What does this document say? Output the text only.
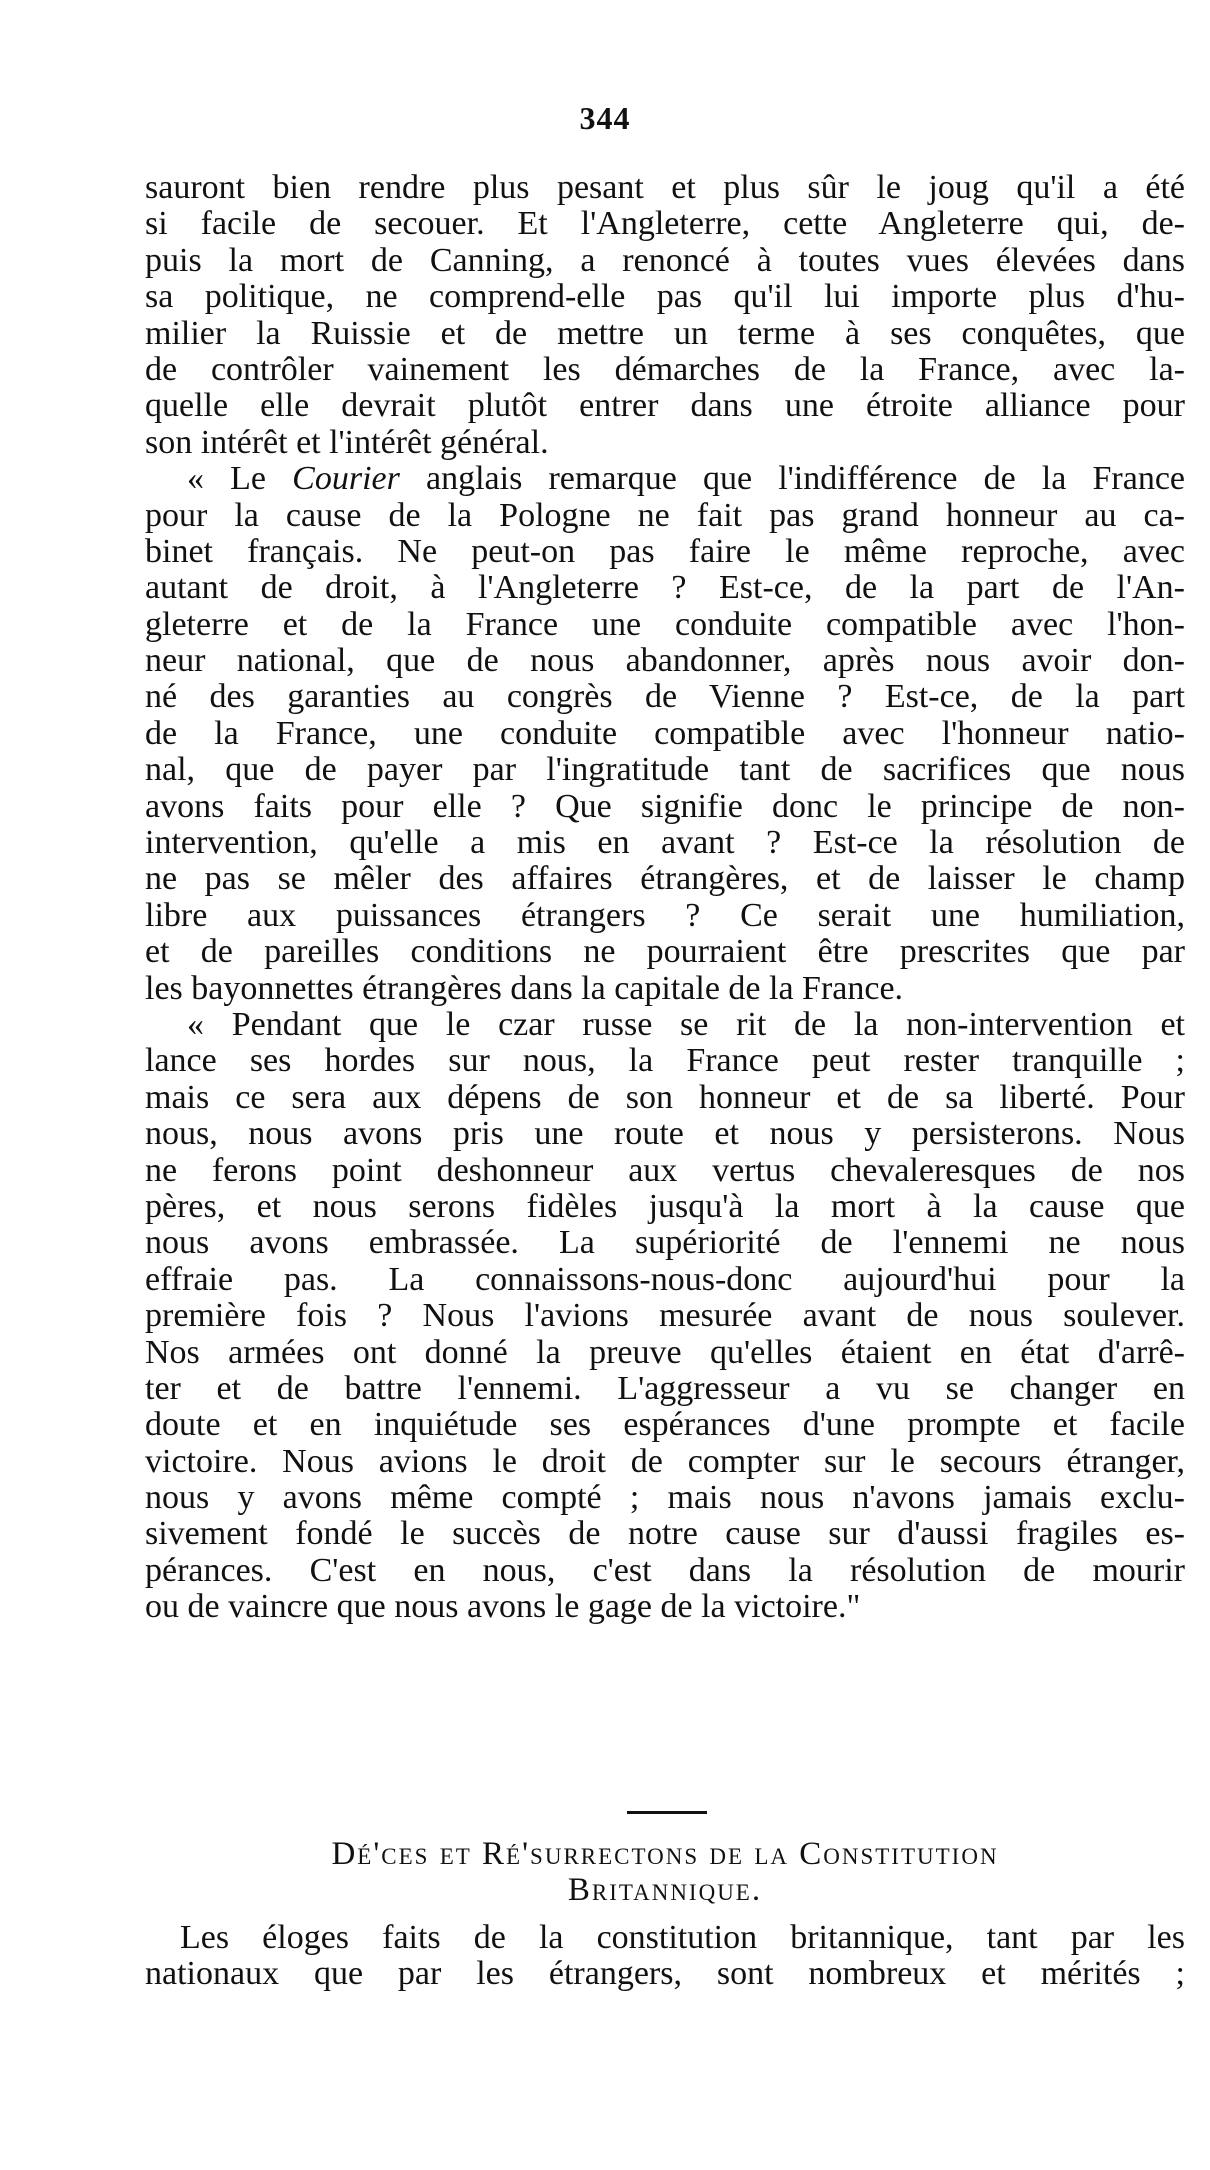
344
sauront bien rendre plus pesant et plus sûr le joug qu'il a été
si facile de secouer. Et l'Angleterre, cette Angleterre qui, de-
puis la mort de Canning, a renoncé à toutes vues élevées dans
sa politique, ne comprend-elle pas qu'il lui importe plus d'hu-
milier la Ruissie et de mettre un terme à ses conquêtes, que
de contrôler vainement les démarches de la France, avec la-
quelle elle devrait plutôt entrer dans une étroite alliance pour
son intérêt et l'intérêt général.
« Le Courier anglais remarque que l'indifférence de la France
pour la cause de la Pologne ne fait pas grand honneur au ca-
binet français. Ne peut-on pas faire le même reproche, avec
autant de droit, à l'Angleterre ? Est-ce, de la part de l'An-
gleterre et de la France une conduite compatible avec l'hon-
neur national, que de nous abandonner, après nous avoir don-
né des garanties au congrès de Vienne ? Est-ce, de la part
de la France, une conduite compatible avec l'honneur natio-
nal, que de payer par l'ingratitude tant de sacrifices que nous
avons faits pour elle ? Que signifie donc le principe de non-
intervention, qu'elle a mis en avant ? Est-ce la résolution de
ne pas se mêler des affaires étrangères, et de laisser le champ
libre aux puissances étrangers ? Ce serait une humiliation,
et de pareilles conditions ne pourraient être prescrites que par
les bayonnettes étrangères dans la capitale de la France.
« Pendant que le czar russe se rit de la non-intervention et
lance ses hordes sur nous, la France peut rester tranquille ;
mais ce sera aux dépens de son honneur et de sa liberté. Pour
nous, nous avons pris une route et nous y persisterons. Nous
ne ferons point deshonneur aux vertus chevaleresques de nos
pères, et nous serons fidèles jusqu'à la mort à la cause que
nous avons embrassée. La supériorité de l'ennemi ne nous
effraie pas. La connaissons-nous-donc aujourd'hui pour la
première fois ? Nous l'avions mesurée avant de nous soulever.
Nos armées ont donné la preuve qu'elles étaient en état d'arrê-
ter et de battre l'ennemi. L'aggresseur a vu se changer en
doute et en inquiétude ses espérances d'une prompte et facile
victoire. Nous avions le droit de compter sur le secours étranger,
nous y avons même compté ; mais nous n'avons jamais exclu-
sivement fondé le succès de notre cause sur d'aussi fragiles es-
pérances. C'est en nous, c'est dans la résolution de mourir
ou de vaincre que nous avons le gage de la victoire."
Dé'ces et Ré'surrectons de la Constitution
Britannique.
Les éloges faits de la constitution britannique, tant par les
nationaux que par les étrangers, sont nombreux et mérités ;
